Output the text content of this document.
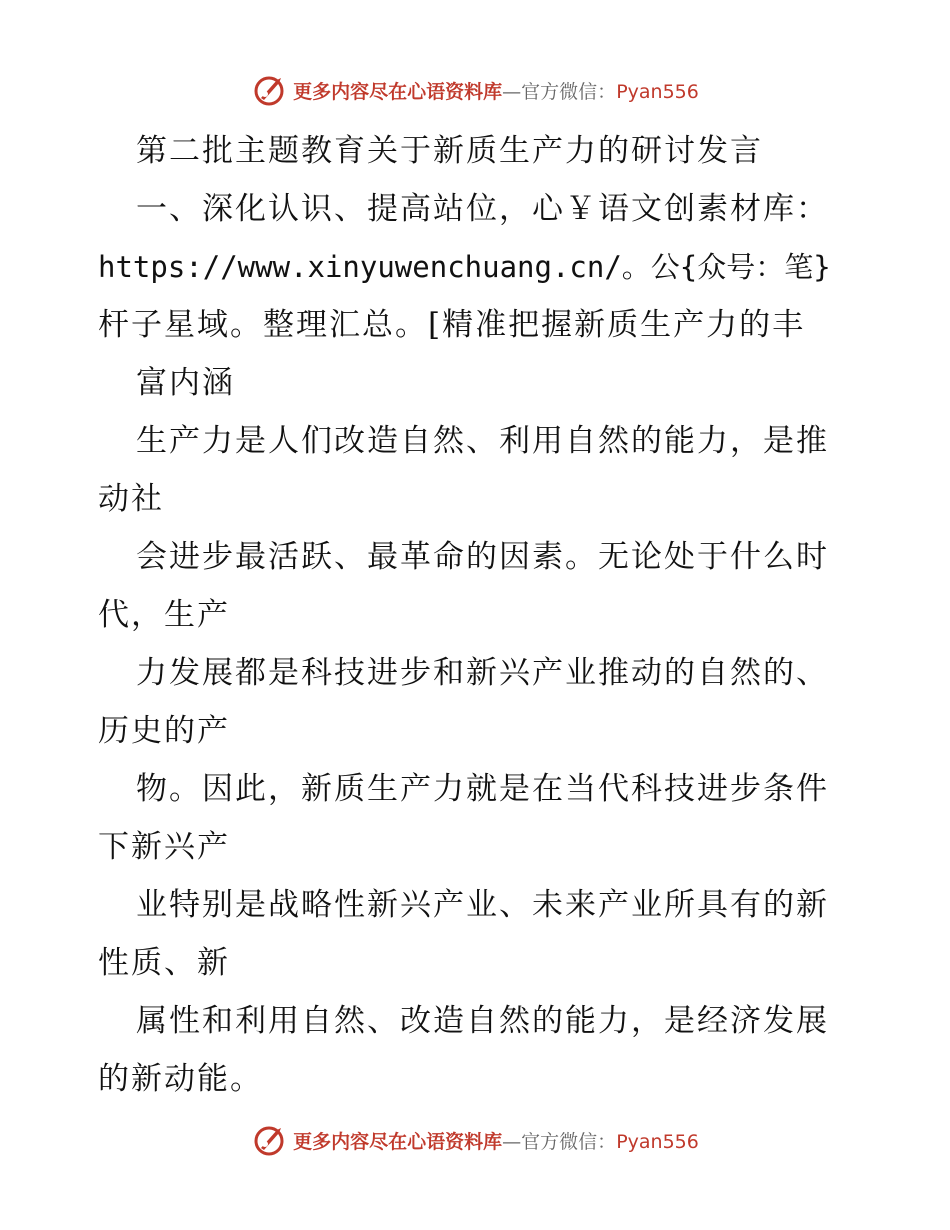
更多内容尽在心语资料库—官方微信：Pyan556
第二批主题教育关于新质生产力的研讨发言
一、深化认识、提高站位，心￥语文创素材库：
https://www.xinyuwenchuang.cn/。公{众号：笔}
杆子星域。整理汇总。[精准把握新质生产力的丰
富内涵
生产力是人们改造自然、利用自然的能力，是推
动社
会进步最活跃、最革命的因素。无论处于什么时
代，生产
力发展都是科技进步和新兴产业推动的自然的、
历史的产
物。因此，新质生产力就是在当代科技进步条件
下新兴产
业特别是战略性新兴产业、未来产业所具有的新
性质、新
属性和利用自然、改造自然的能力，是经济发展
的新动能。
更多内容尽在心语资料库—官方微信：Pyan556
